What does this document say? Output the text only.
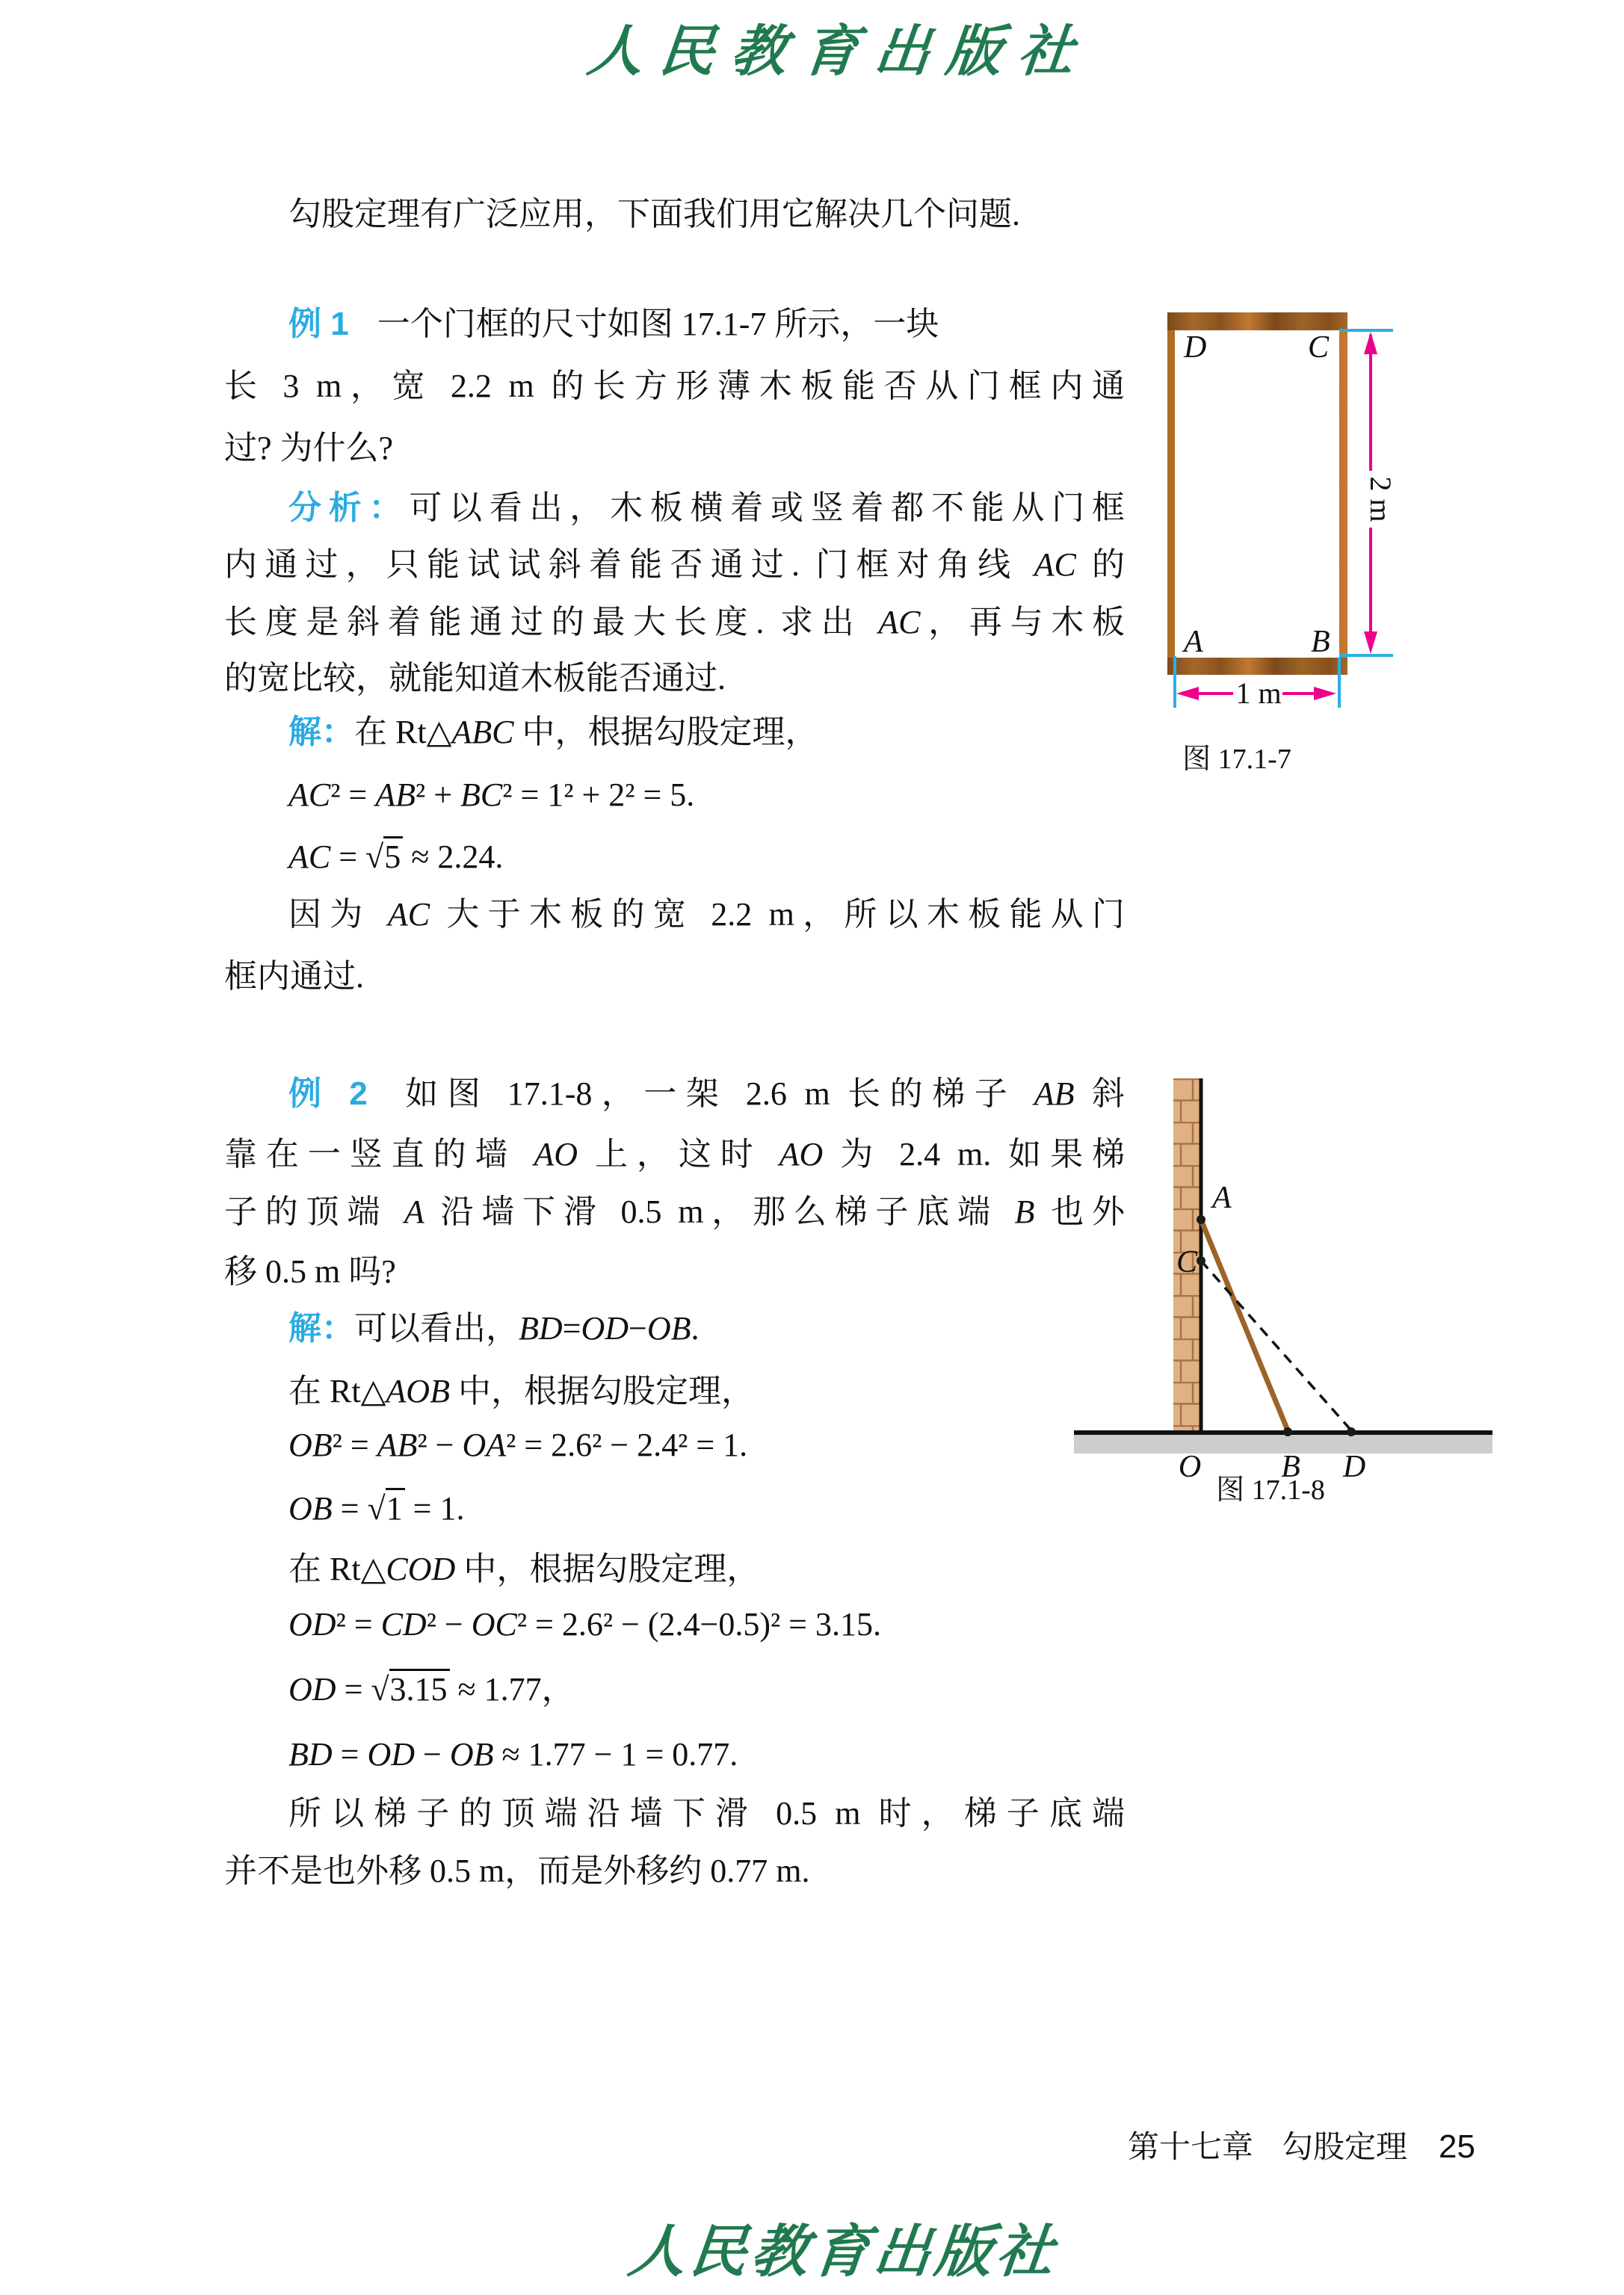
人民教育出版社
勾股定理有广泛应用，下面我们用它解决几个问题.
例 1 一个门框的尺寸如图 17.1-7 所示，一块
长 3 m，宽 2.2 m 的长方形薄木板能否从门框内通
过? 为什么?
分析：可以看出，木板横着或竖着都不能从门框
内通过，只能试试斜着能否通过. 门框对角线 AC 的
长度是斜着能通过的最大长度. 求出 AC，再与木板
的宽比较，就能知道木板能否通过.
解：在 Rt△ABC 中，根据勾股定理，
AC² = AB² + BC² = 1² + 2² = 5.
AC = √5 ≈ 2.24.
因为 AC 大于木板的宽 2.2 m，所以木板能从门
框内通过.
例 2 如图 17.1-8，一架 2.6 m 长的梯子 AB 斜
靠在一竖直的墙 AO 上，这时 AO 为 2.4 m. 如果梯
子的顶端 A 沿墙下滑 0.5 m，那么梯子底端 B 也外
移 0.5 m 吗?
解：可以看出，BD=OD−OB.
在 Rt△AOB 中，根据勾股定理，
OB² = AB² − OA² = 2.6² − 2.4² = 1.
OB = √1 = 1.
在 Rt△COD 中，根据勾股定理，
OD² = CD² − OC² = 2.6² − (2.4−0.5)² = 3.15.
OD = √3.15 ≈ 1.77，
BD = OD − OB ≈ 1.77 − 1 = 0.77.
所以梯子的顶端沿墙下滑 0.5 m 时，梯子底端
并不是也外移 0.5 m，而是外移约 0.77 m.
D	C
A	B
2 m
1 m
图 17.1-7
A
C
O	B D
图 17.1-8
第十七章 勾股定理 25
人民教育出版社
